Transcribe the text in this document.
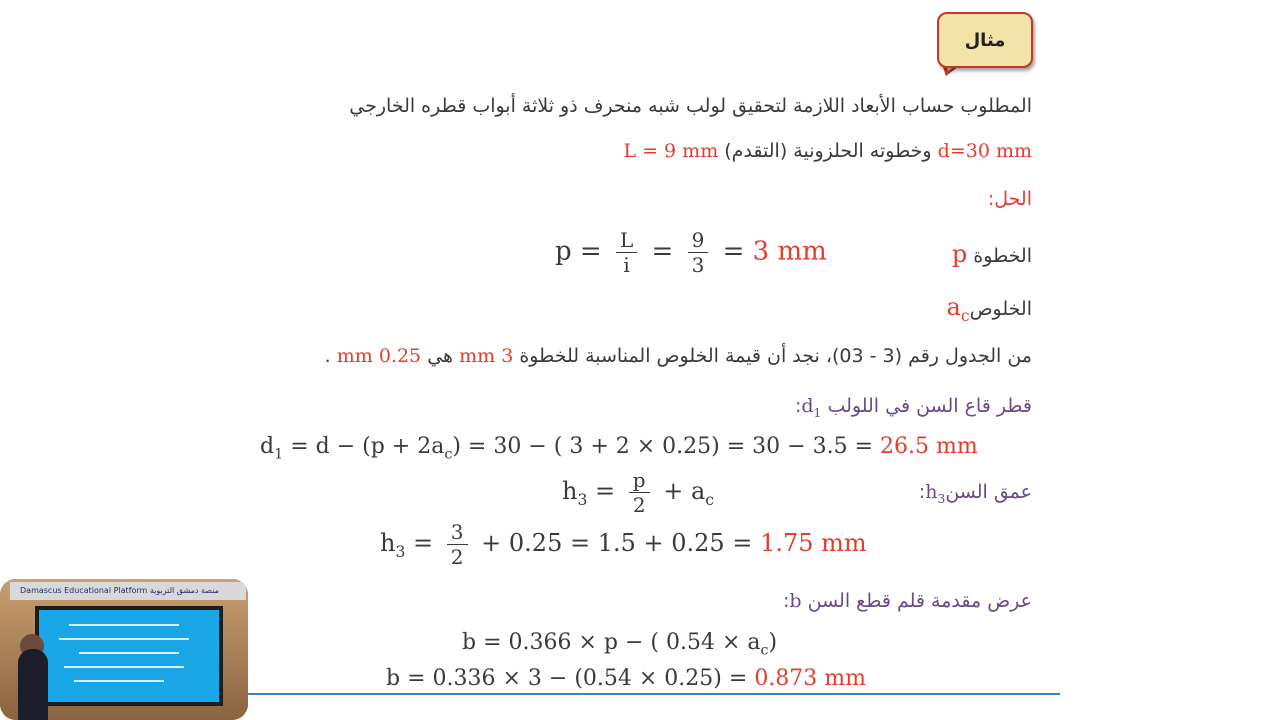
مثال
المطلوب حساب الأبعاد اللازمة لتحقيق لولب شبه منحرف ذو ثلاثة أبواب قطره الخارجي
d=30 mm وخطوته الحلزونية (التقدم) L = 9 mm
الحل:
الخطوة p
$p = \frac{L}{i} = \frac{9}{3} = 3$ mm
الخلوصa$_c$
من الجدول رقم (3 - 03)، نجد أن قيمة الخلوص المناسبة للخطوة 3 mm هي 0.25 mm .
قطر قاع السن في اللولب $d_1$:
$d_1 = d - (p + 2a_c) = 30$ − ( 3 + 2 × 0.25) = 30 − 3.5 = 26.5 mm
عمق السنh$_3$:
$h_3 = \frac{p}{2} + a_c$
$h_3 = \frac{3}{2} + 0.25 = 1.5 + 0.25 = 1.75$ mm
عرض مقدمة قلم قطع السن b:
b = 0.366 × p − ( $0.54 \times a_c$)
b = 0.336 × 3 − (0.54 × 0.25) = 0.873 mm
Damascus Educational Platform منصة دمشق التربوية
